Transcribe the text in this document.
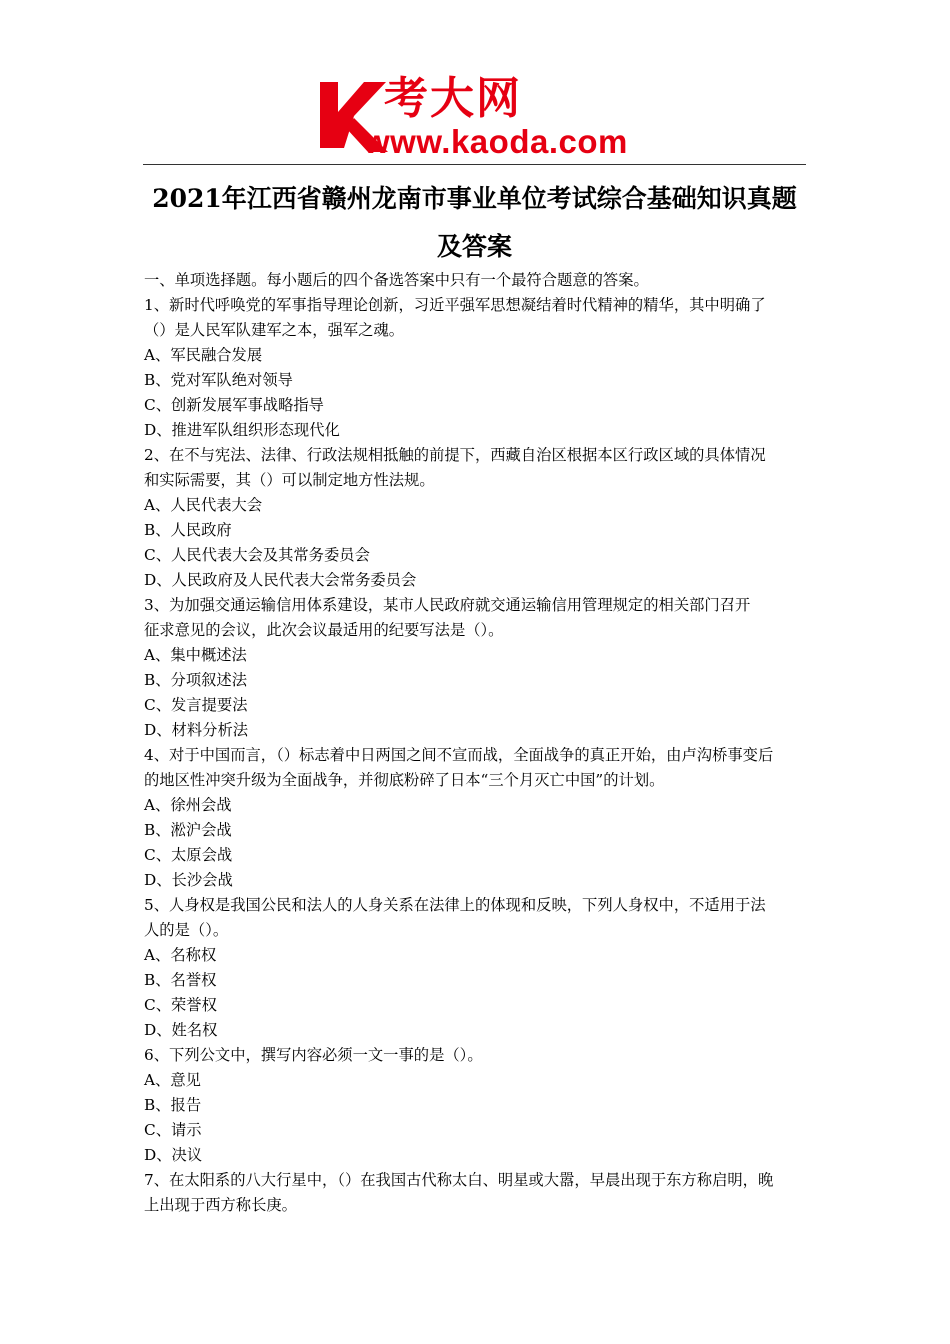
考大网
www.kaoda.com
2021年江西省赣州龙南市事业单位考试综合基础知识真题
及答案
一、单项选择题。每小题后的四个备选答案中只有一个最符合题意的答案。
1、新时代呼唤党的军事指导理论创新，习近平强军思想凝结着时代精神的精华，其中明确了
（）是人民军队建军之本，强军之魂。
A、军民融合发展
B、党对军队绝对领导
C、创新发展军事战略指导
D、推进军队组织形态现代化
2、在不与宪法、法律、行政法规相抵触的前提下，西藏自治区根据本区行政区域的具体情况
和实际需要，其（）可以制定地方性法规。
A、人民代表大会
B、人民政府
C、人民代表大会及其常务委员会
D、人民政府及人民代表大会常务委员会
3、为加强交通运输信用体系建设，某市人民政府就交通运输信用管理规定的相关部门召开
征求意见的会议，此次会议最适用的纪要写法是（）。
A、集中概述法
B、分项叙述法
C、发言提要法
D、材料分析法
4、对于中国而言，（）标志着中日两国之间不宣而战，全面战争的真正开始，由卢沟桥事变后
的地区性冲突升级为全面战争，并彻底粉碎了日本“三个月灭亡中国”的计划。
A、徐州会战
B、淞沪会战
C、太原会战
D、长沙会战
5、人身权是我国公民和法人的人身关系在法律上的体现和反映，下列人身权中，不适用于法
人的是（）。
A、名称权
B、名誉权
C、荣誉权
D、姓名权
6、下列公文中，撰写内容必须一文一事的是（）。
A、意见
B、报告
C、请示
D、决议
7、在太阳系的八大行星中，（）在我国古代称太白、明星或大嚣，早晨出现于东方称启明，晚
上出现于西方称长庚。
